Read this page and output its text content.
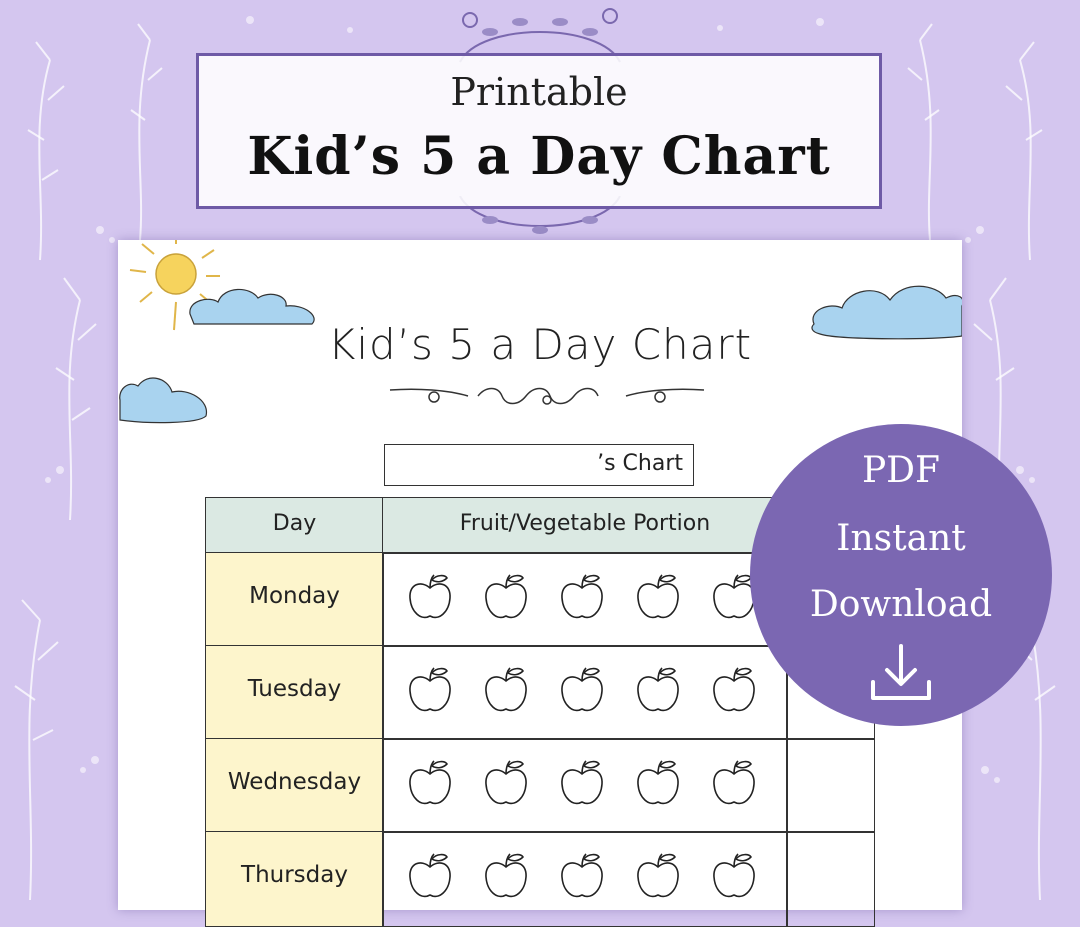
Printable
Kid’s 5 a Day Chart
Kid’s 5 a Day Chart
’s Chart
Day	Fruit/Vegetable Portion
Monday
Tuesday
Wednesday
Thursday
PDF
Instant
Download
